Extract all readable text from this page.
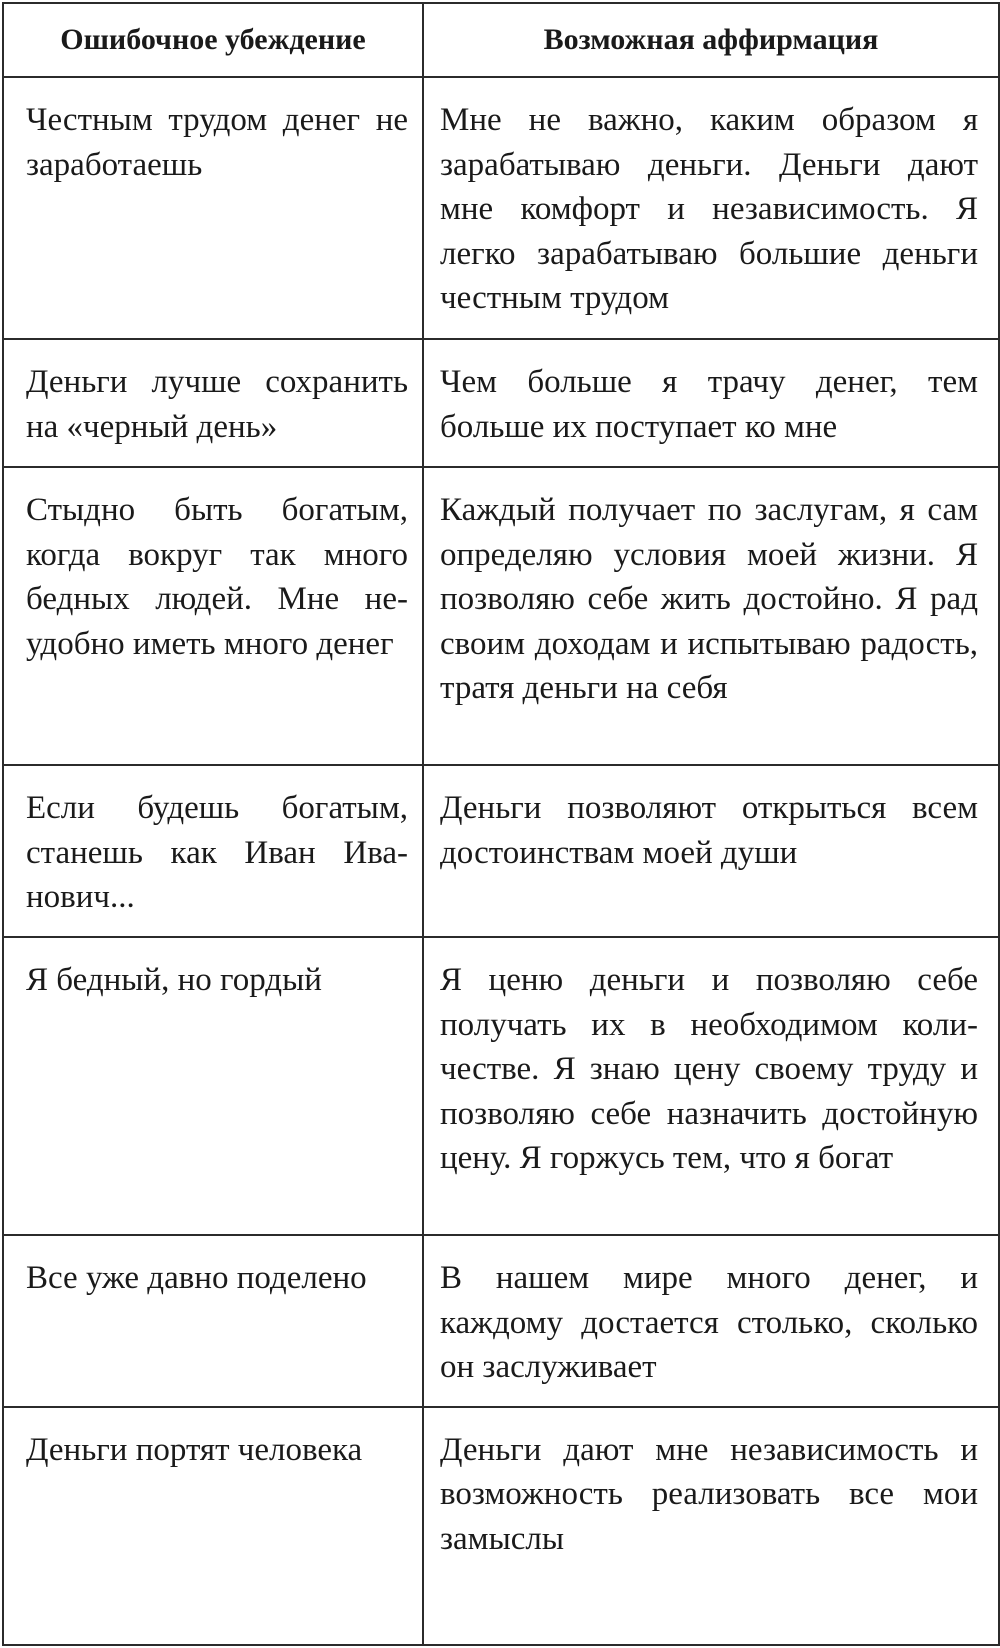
Ошибочное убеждение	Возможная аффирмация
Честным трудом денег не заработаешь	Мне не важно, каким образом я зарабатываю деньги. Деньги дают мне комфорт и независимость. Я легко зарабатываю большие деньги честным трудом
Деньги лучше сохранить на «черный день»	Чем больше я трачу денег, тем больше их поступает ко мне
Стыдно быть богатым, когда вокруг так много бедных людей. Мне неудобно иметь много денег	Каждый получает по заслугам, я сам определяю условия моей жизни. Я позволяю себе жить достойно. Я рад своим доходам и испытываю радость, тратя деньги на себя
Если будешь богатым, станешь как Иван Иванович...	Деньги позволяют открыться всем достоинствам моей души
Я бедный, но гордый	Я ценю деньги и позволяю себе получать их в необходимом количестве. Я знаю цену своему труду и позволяю себе назначить достойную цену. Я горжусь тем, что я богат
Все уже давно поделено	В нашем мире много денег, и каждому достается столько, сколько он заслуживает
Деньги портят человека	Деньги дают мне независимость и возможность реализовать все мои замыслы
